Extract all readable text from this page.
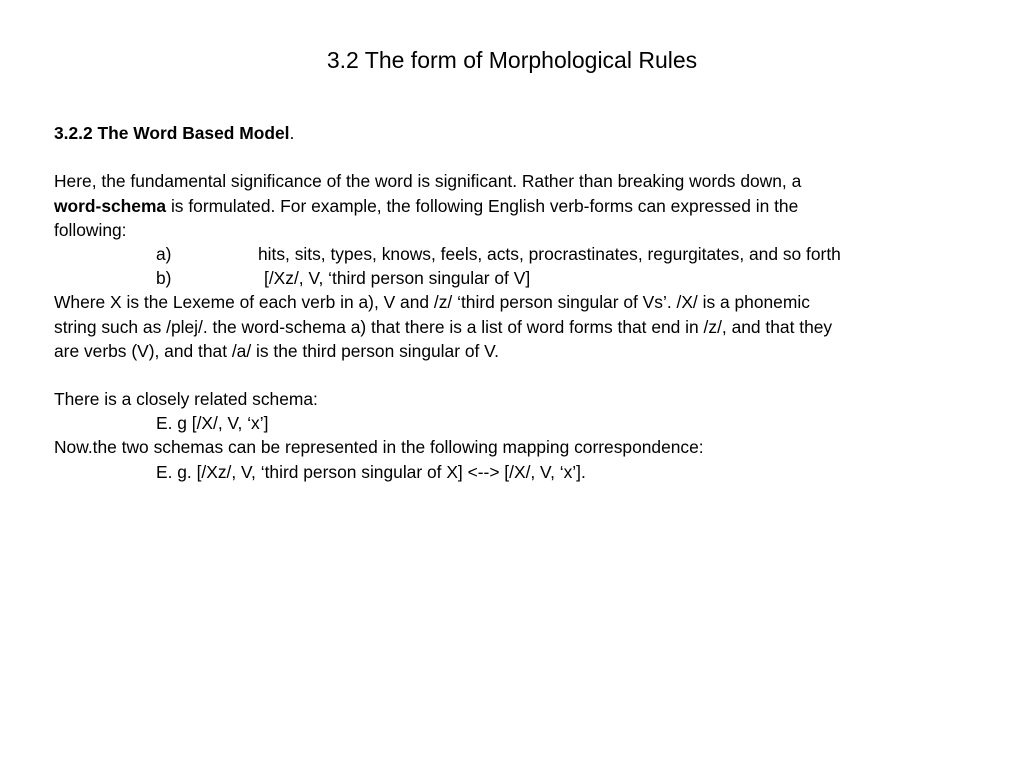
3.2 The form of Morphological Rules
3.2.2 The Word Based Model.
Here, the fundamental significance of the word is significant. Rather than breaking words down, a
word-schema is formulated. For example, the following English verb-forms can expressed in the
following:
a)	hits, sits, types, knows, feels, acts, procrastinates, regurgitates, and so forth
b)	[/Xz/, V, ‘third person singular of V]
Where X is the Lexeme of each verb in a), V and /z/ ‘third person singular of Vs’. /X/ is a phonemic
string such as /plej/. the word-schema a) that there is a list of word forms that end in /z/, and that they
are verbs (V), and that /a/ is the third person singular of V.
There is a closely related schema:
E. g [/X/, V, ‘x’]
Now.the two schemas can be represented in the following mapping correspondence:
E. g. [/Xz/, V, ‘third person singular of X] <--> [/X/, V, ‘x’].
